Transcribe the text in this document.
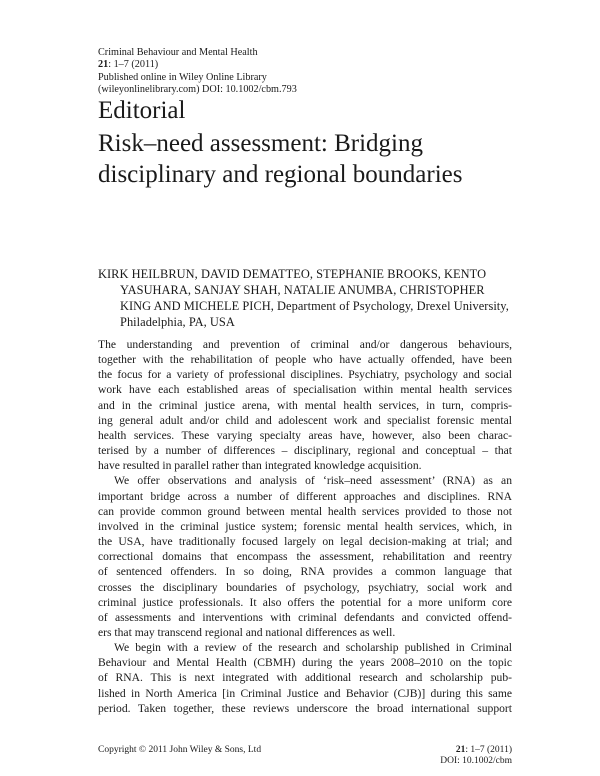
Criminal Behaviour and Mental Health
21: 1–7 (2011)
Published online in Wiley Online Library
(wileyonlinelibrary.com) DOI: 10.1002/cbm.793
Editorial
Risk–need assessment: Bridging
disciplinary and regional boundaries
KIRK HEILBRUN, DAVID DEMATTEO, STEPHANIE BROOKS, KENTO
YASUHARA, SANJAY SHAH, NATALIE ANUMBA, CHRISTOPHER
KING AND MICHELE PICH, Department of Psychology, Drexel University,
Philadelphia, PA, USA

The understanding and prevention of criminal and/or dangerous behaviours,
together with the rehabilitation of people who have actually offended, have been
the focus for a variety of professional disciplines. Psychiatry, psychology and social
work have each established areas of specialisation within mental health services
and in the criminal justice arena, with mental health services, in turn, compris-
ing general adult and/or child and adolescent work and specialist forensic mental
health services. These varying specialty areas have, however, also been charac-
terised by a number of differences – disciplinary, regional and conceptual – that
have resulted in parallel rather than integrated knowledge acquisition.

We offer observations and analysis of ‘risk–need assessment’ (RNA) as an
important bridge across a number of different approaches and disciplines. RNA
can provide common ground between mental health services provided to those not
involved in the criminal justice system; forensic mental health services, which, in
the USA, have traditionally focused largely on legal decision-making at trial; and
correctional domains that encompass the assessment, rehabilitation and reentry
of sentenced offenders. In so doing, RNA provides a common language that
crosses the disciplinary boundaries of psychology, psychiatry, social work and
criminal justice professionals. It also offers the potential for a more uniform core
of assessments and interventions with criminal defendants and convicted offend-
ers that may transcend regional and national differences as well.

We begin with a review of the research and scholarship published in Criminal
Behaviour and Mental Health (CBMH) during the years 2008–2010 on the topic
of RNA. This is next integrated with additional research and scholarship pub-
lished in North America [in Criminal Justice and Behavior (CJB)] during this same
period. Taken together, these reviews underscore the broad international support

Copyright © 2011 John Wiley & Sons, Ltd	21: 1–7 (2011)
DOI: 10.1002/cbm
